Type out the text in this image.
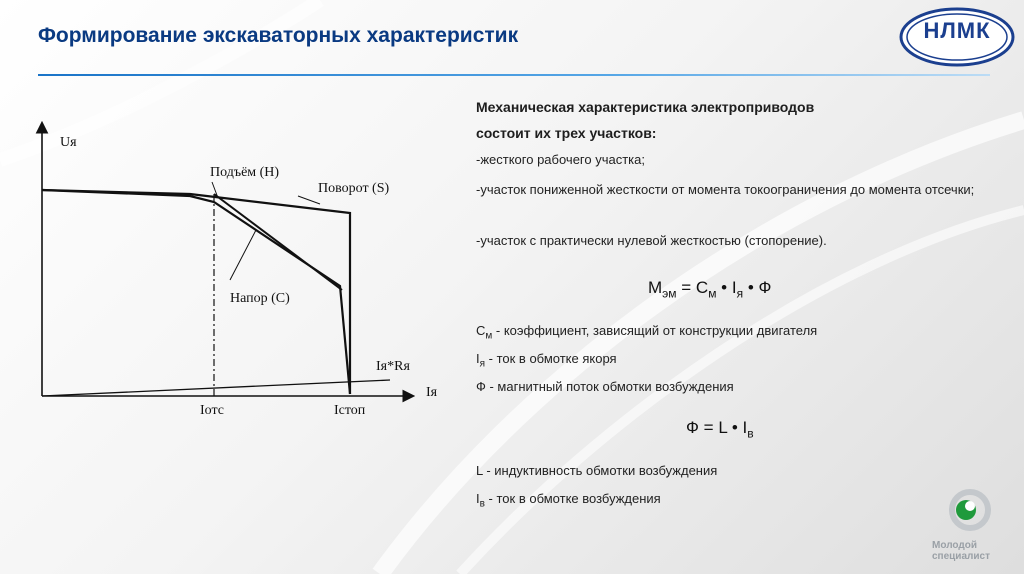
Формирование экскаваторных характеристик	НЛМК
Uя
Iя
Подъём (Н)
Поворот (S)
Напор (С)
Iя*Rя
Iотс	Iстоп
Механическая характеристика электроприводов
состоит их трех участков:
-жесткого рабочего участка;
-участок пониженной жесткости от момента токоограничения до момента отсечки;
-участок с практически нулевой жесткостью (стопорение).
$М_{эм} = С_м$ • $I_я$ • Ф
$С_м$ - коэффициент, зависящий от конструкции двигателя
$I_я$ - ток в обмотке якоря
Ф - магнитный поток обмотки возбуждения
Ф = L • $I_в$
L - индуктивность обмотки возбуждения
$I_в$ - ток в обмотке возбуждения
Молодой
специалист
